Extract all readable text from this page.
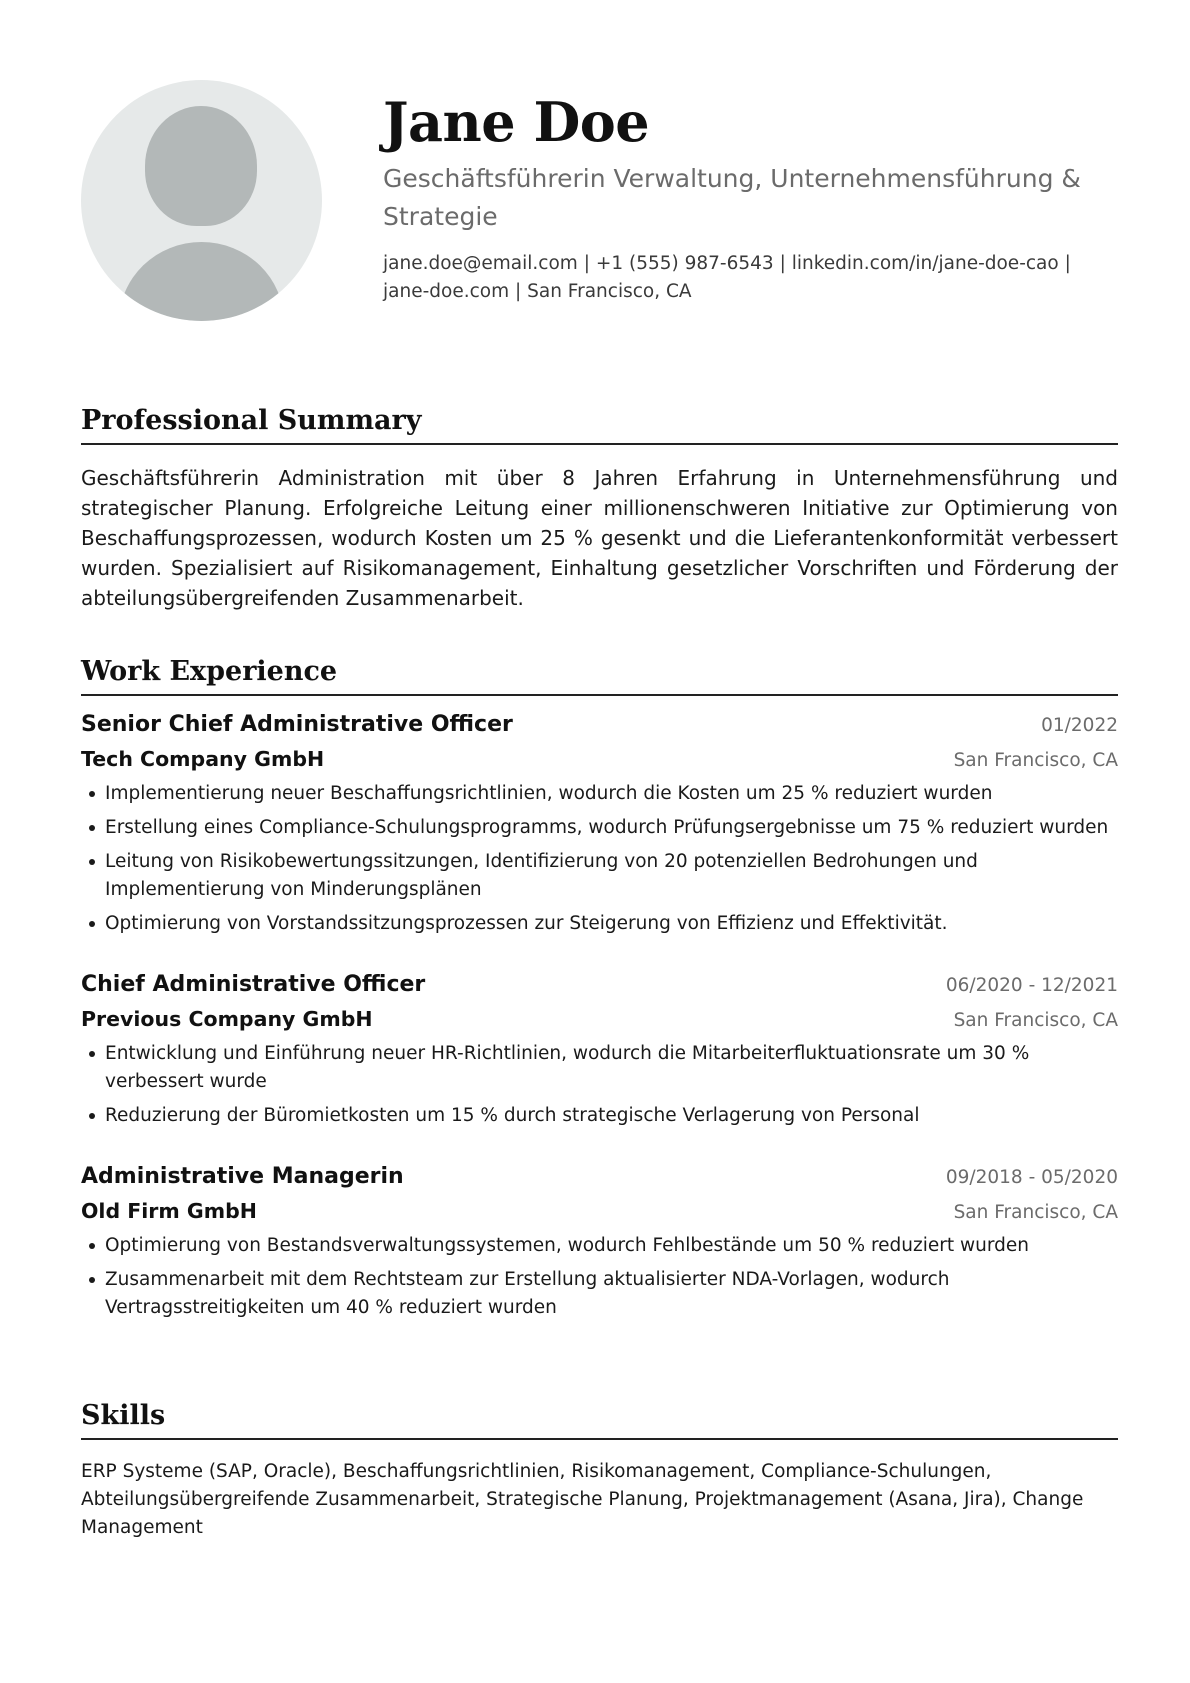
Jane Doe
Geschäftsführerin Verwaltung, Unternehmensführung & Strategie
jane.doe@email.com | +1 (555) 987-6543 | linkedin.com/in/jane-doe-cao | jane-doe.com | San Francisco, CA
Professional Summary
Geschäftsführerin Administration mit über 8 Jahren Erfahrung in Unternehmensführung und strategischer Planung. Erfolgreiche Leitung einer millionenschweren Initiative zur Optimierung von Beschaffungsprozessen, wodurch Kosten um 25 % gesenkt und die Lieferantenkonformität verbessert wurden. Spezialisiert auf Risikomanagement, Einhaltung gesetzlicher Vorschriften und Förderung der abteilungsübergreifenden Zusammenarbeit.
Work Experience
Senior Chief Administrative Officer	01/2022
Tech Company GmbH	San Francisco, CA
Implementierung neuer Beschaffungsrichtlinien, wodurch die Kosten um 25 % reduziert wurden
Erstellung eines Compliance-Schulungsprogramms, wodurch Prüfungsergebnisse um 75 % reduziert wurden
Leitung von Risikobewertungssitzungen, Identifizierung von 20 potenziellen Bedrohungen und Implementierung von Minderungsplänen
Optimierung von Vorstandssitzungsprozessen zur Steigerung von Effizienz und Effektivität.
Chief Administrative Officer	06/2020 - 12/2021
Previous Company GmbH	San Francisco, CA
Entwicklung und Einführung neuer HR-Richtlinien, wodurch die Mitarbeiterfluktuationsrate um 30 % verbessert wurde
Reduzierung der Büromietkosten um 15 % durch strategische Verlagerung von Personal
Administrative Managerin	09/2018 - 05/2020
Old Firm GmbH	San Francisco, CA
Optimierung von Bestandsverwaltungssystemen, wodurch Fehlbestände um 50 % reduziert wurden
Zusammenarbeit mit dem Rechtsteam zur Erstellung aktualisierter NDA-Vorlagen, wodurch Vertragsstreitigkeiten um 40 % reduziert wurden
Skills
ERP Systeme (SAP, Oracle), Beschaffungsrichtlinien, Risikomanagement, Compliance-Schulungen, Abteilungsübergreifende Zusammenarbeit, Strategische Planung, Projektmanagement (Asana, Jira), Change Management
